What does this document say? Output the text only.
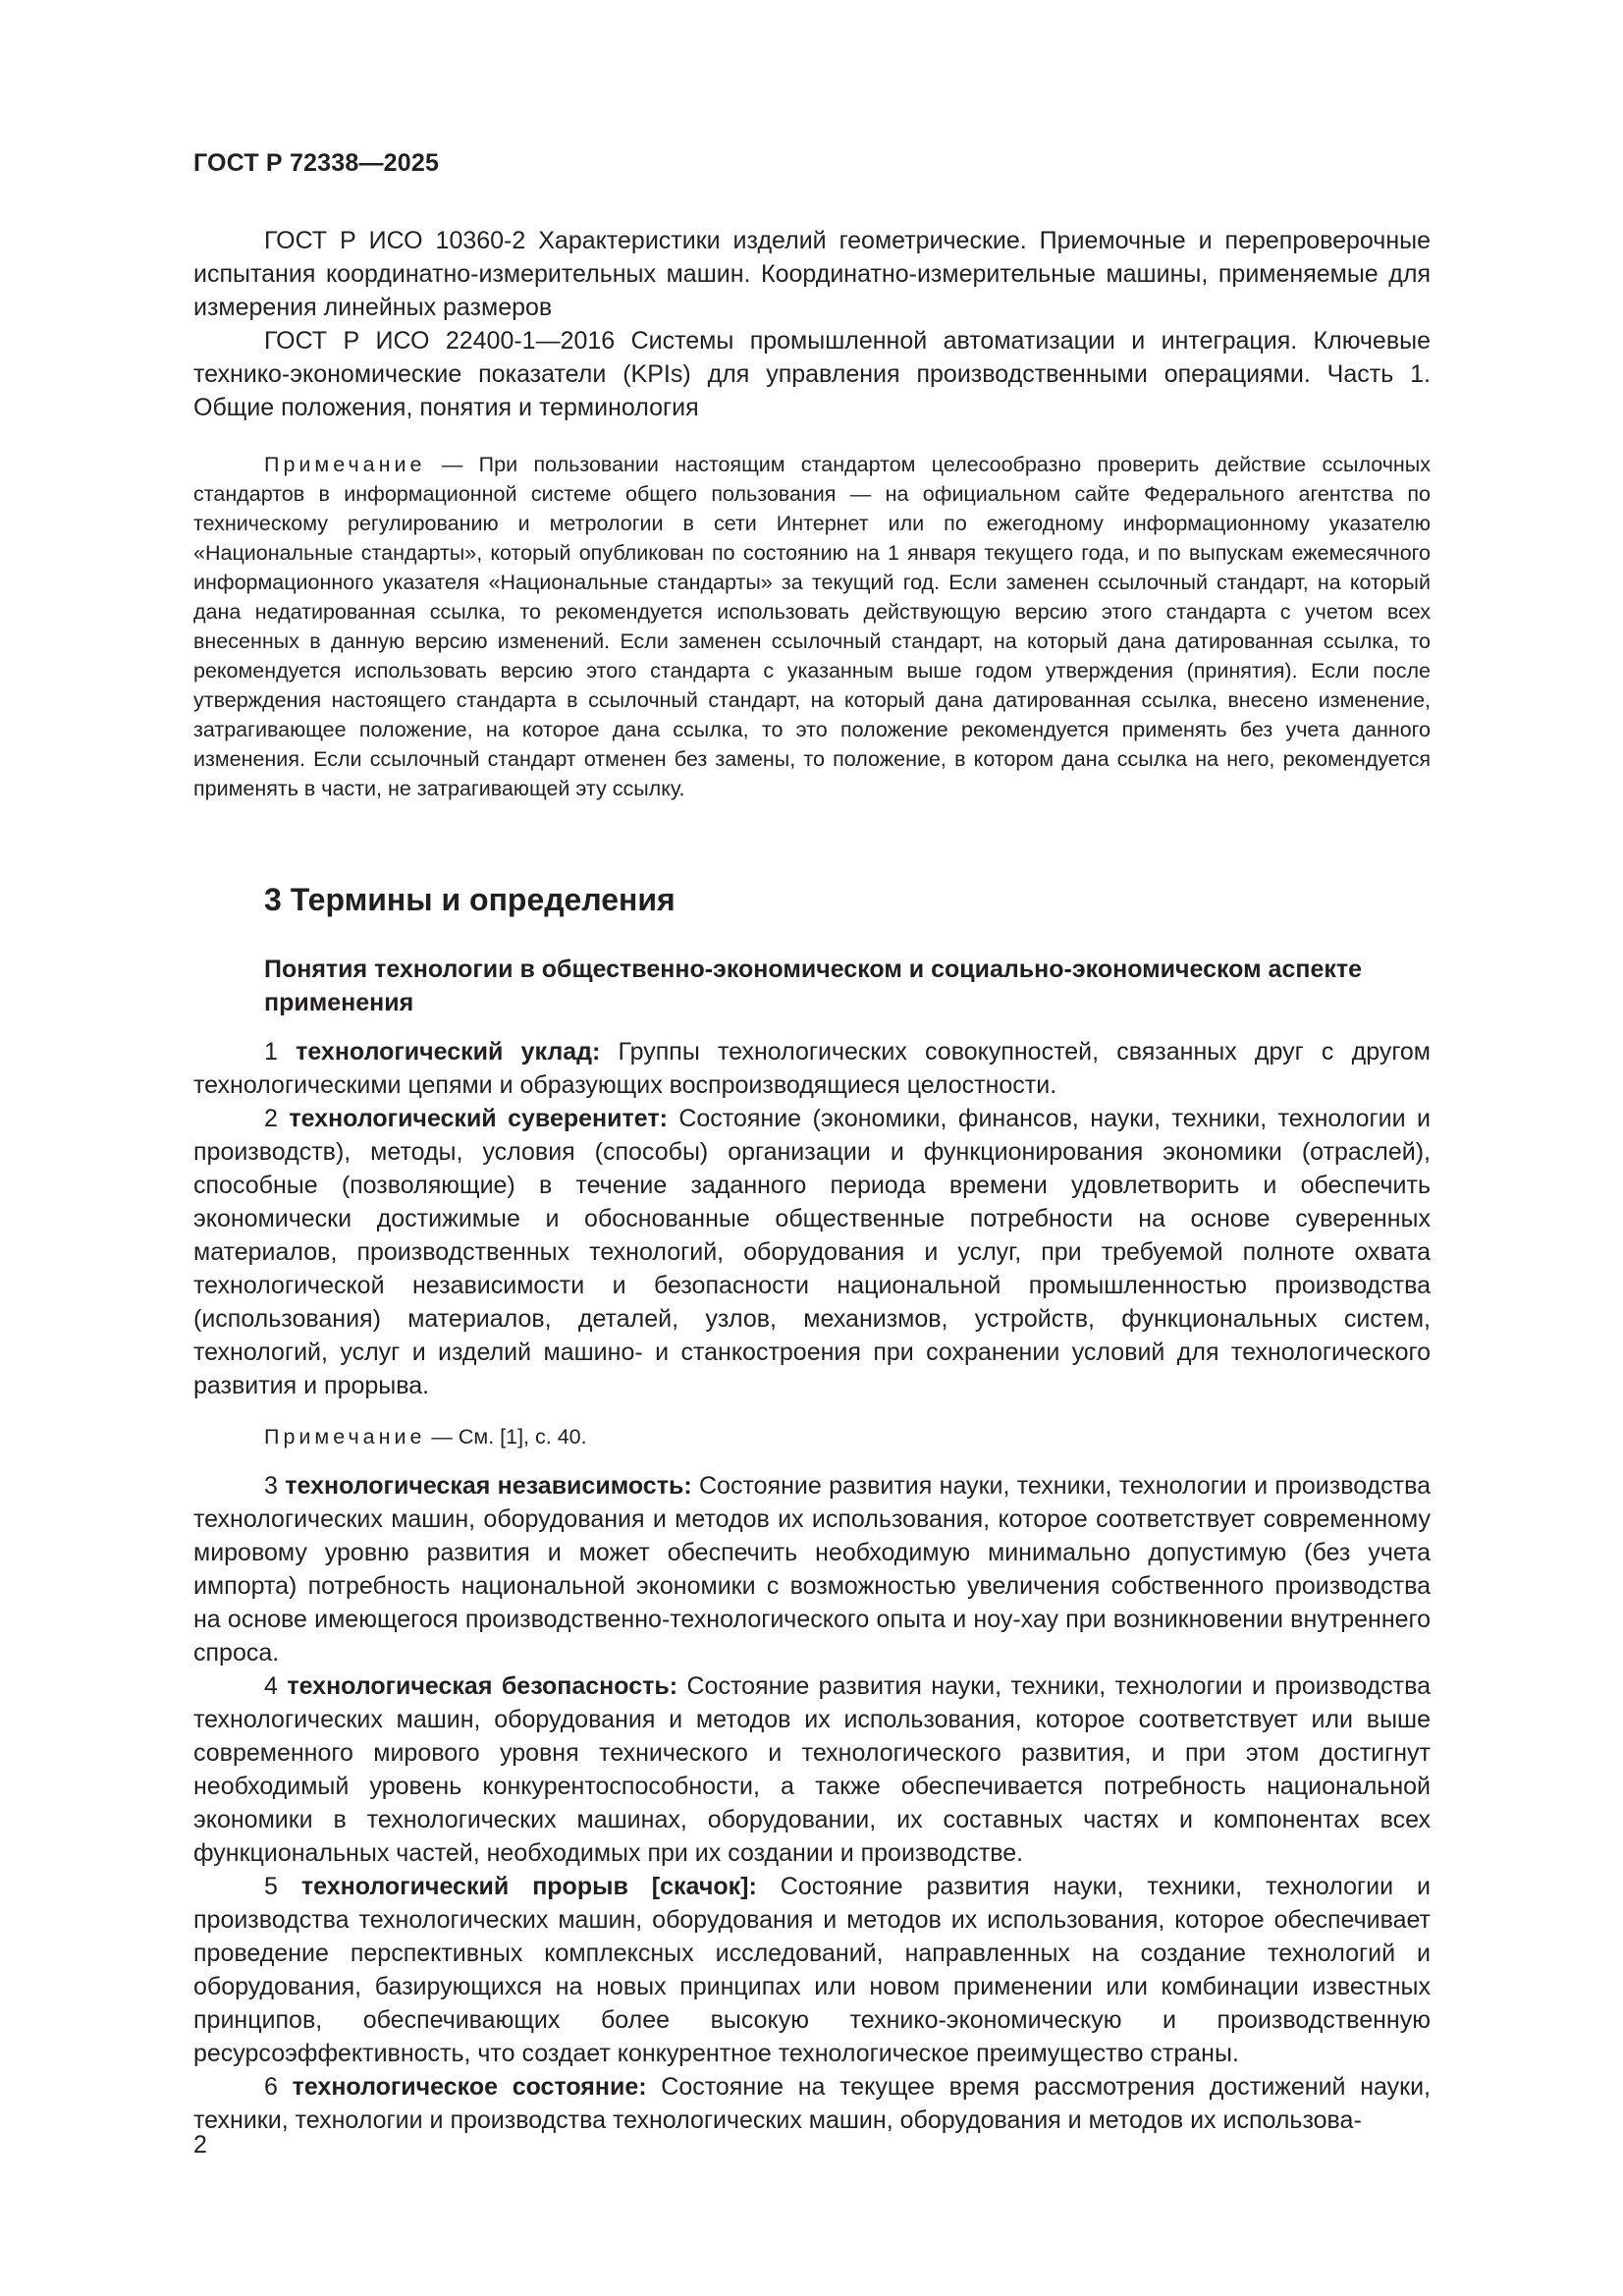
ГОСТ Р 72338—2025

ГОСТ Р ИСО 10360-2 Характеристики изделий геометрические. Приемочные и перепроверочные испытания координатно-измерительных машин. Координатно-измерительные машины, применяемые для измерения линейных размеров

ГОСТ Р ИСО 22400-1—2016 Системы промышленной автоматизации и интеграция. Ключевые технико-экономические показатели (KPIs) для управления производственными операциями. Часть 1. Общие положения, понятия и терминология

Примечание — При пользовании настоящим стандартом целесообразно проверить действие ссылочных стандартов в информационной системе общего пользования — на официальном сайте Федерального агентства по техническому регулированию и метрологии в сети Интернет или по ежегодному информационному указателю «Национальные стандарты», который опубликован по состоянию на 1 января текущего года, и по выпускам ежемесячного информационного указателя «Национальные стандарты» за текущий год. Если заменен ссылочный стандарт, на который дана недатированная ссылка, то рекомендуется использовать действующую версию этого стандарта с учетом всех внесенных в данную версию изменений. Если заменен ссылочный стандарт, на который дана датированная ссылка, то рекомендуется использовать версию этого стандарта с указанным выше годом утверждения (принятия). Если после утверждения настоящего стандарта в ссылочный стандарт, на который дана датированная ссылка, внесено изменение, затрагивающее положение, на которое дана ссылка, то это положение рекомендуется применять без учета данного изменения. Если ссылочный стандарт отменен без замены, то положение, в котором дана ссылка на него, рекомендуется применять в части, не затрагивающей эту ссылку.

3 Термины и определения
Понятия технологии в общественно-экономическом и социально-экономическом аспекте применения

1 технологический уклад: Группы технологических совокупностей, связанных друг с другом технологическими цепями и образующих воспроизводящиеся целостности.

2 технологический суверенитет: Состояние (экономики, финансов, науки, техники, технологии и производств), методы, условия (способы) организации и функционирования экономики (отраслей), способные (позволяющие) в течение заданного периода времени удовлетворить и обеспечить экономически достижимые и обоснованные общественные потребности на основе суверенных материалов, производственных технологий, оборудования и услуг, при требуемой полноте охвата технологической независимости и безопасности национальной промышленностью производства (использования) материалов, деталей, узлов, механизмов, устройств, функциональных систем, технологий, услуг и изделий машино- и станкостроения при сохранении условий для технологического развития и прорыва.

Примечание — См. [1], с. 40.

3 технологическая независимость: Состояние развития науки, техники, технологии и производства технологических машин, оборудования и методов их использования, которое соответствует современному мировому уровню развития и может обеспечить необходимую минимально допустимую (без учета импорта) потребность национальной экономики с возможностью увеличения собственного производства на основе имеющегося производственно-технологического опыта и ноу-хау при возникновении внутреннего спроса.

4 технологическая безопасность: Состояние развития науки, техники, технологии и производства технологических машин, оборудования и методов их использования, которое соответствует или выше современного мирового уровня технического и технологического развития, и при этом достигнут необходимый уровень конкурентоспособности, а также обеспечивается потребность национальной экономики в технологических машинах, оборудовании, их составных частях и компонентах всех функциональных частей, необходимых при их создании и производстве.

5 технологический прорыв [скачок]: Состояние развития науки, техники, технологии и производства технологических машин, оборудования и методов их использования, которое обеспечивает проведение перспективных комплексных исследований, направленных на создание технологий и оборудования, базирующихся на новых принципах или новом применении или комбинации известных принципов, обеспечивающих более высокую технико-экономическую и производственную ресурсоэффективность, что создает конкурентное технологическое преимущество страны.

6 технологическое состояние: Состояние на текущее время рассмотрения достижений науки, техники, технологии и производства технологических машин, оборудования и методов их использова-

2
